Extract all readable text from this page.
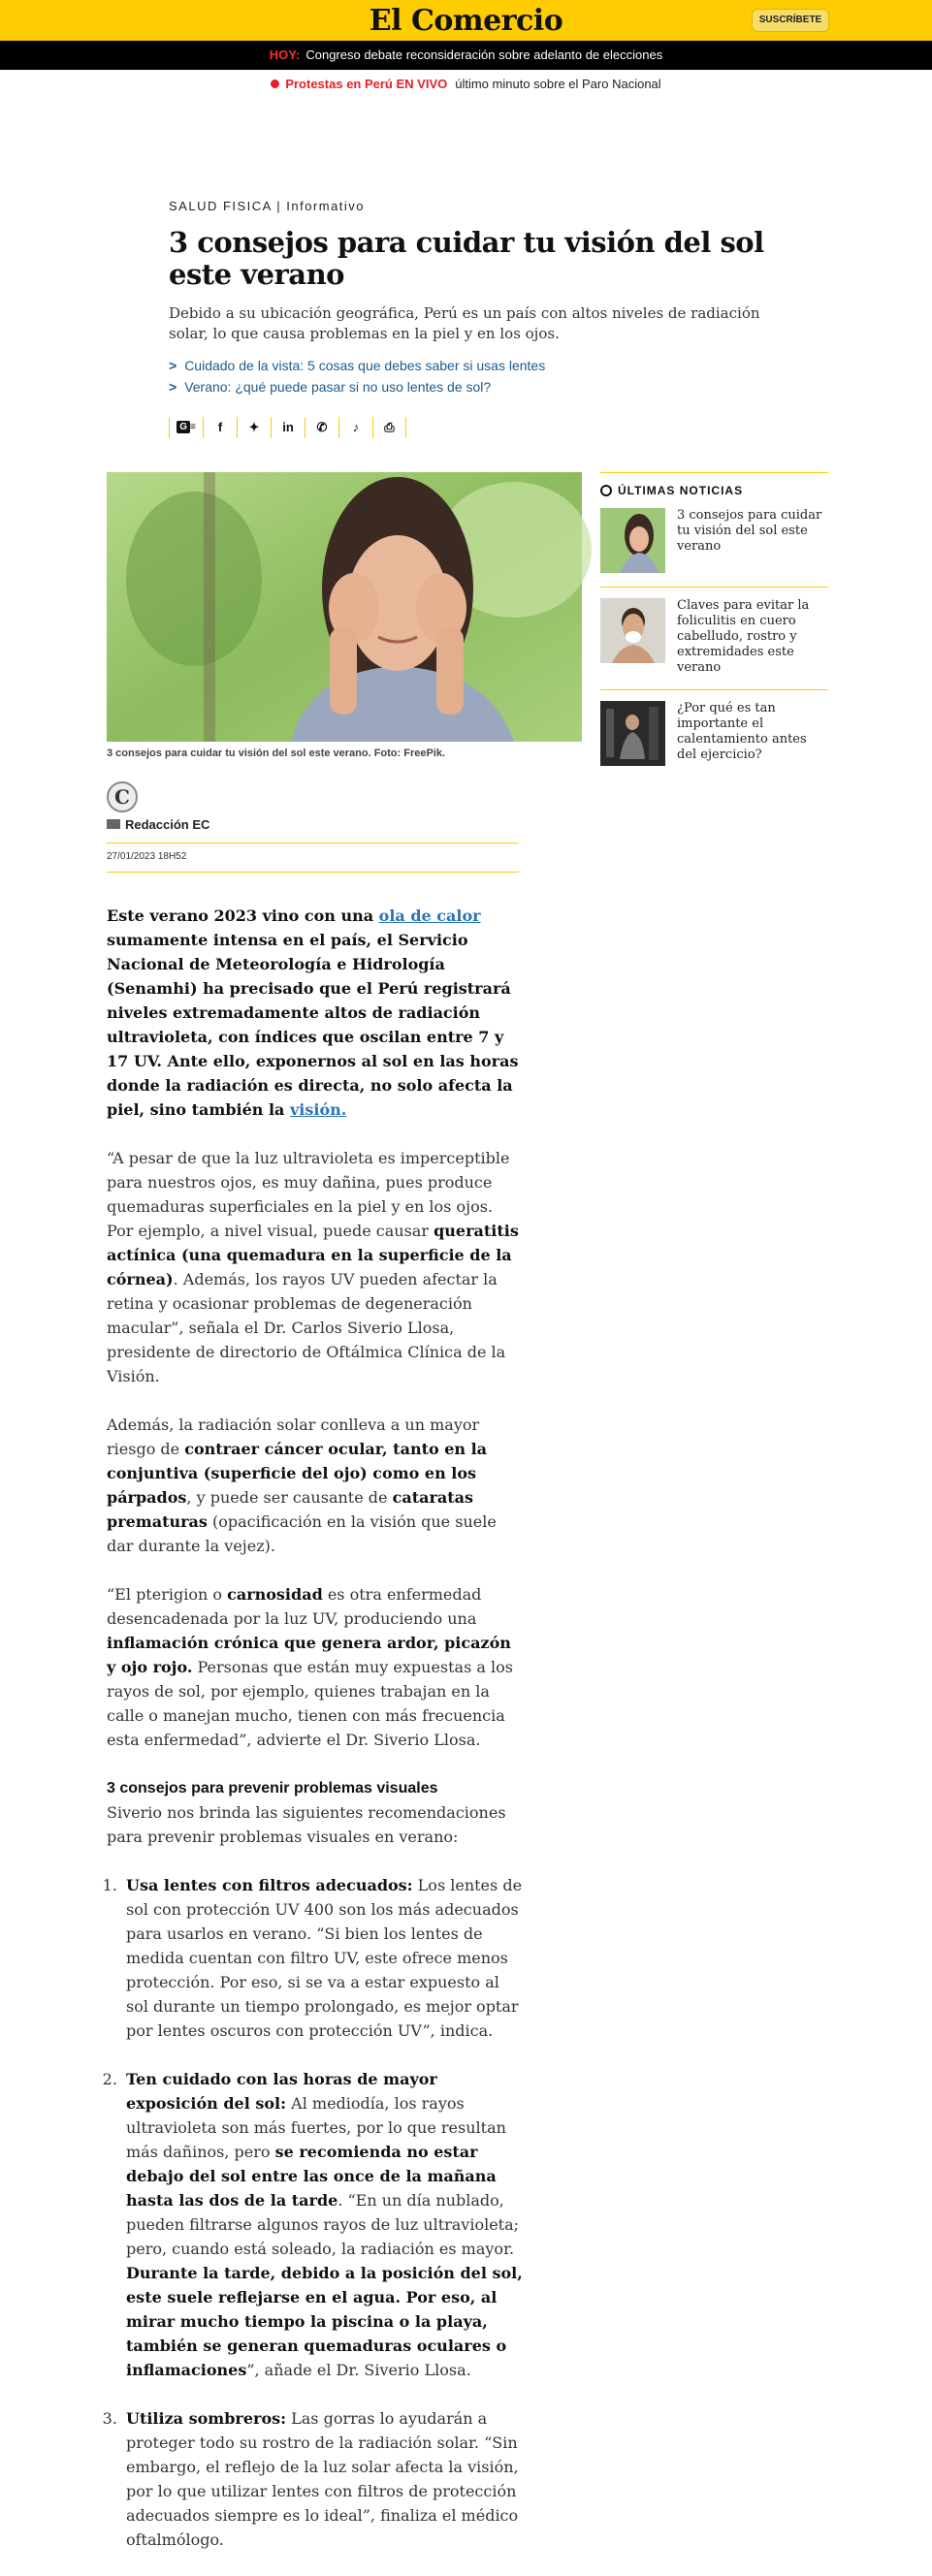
El Comercio	SUSCRÍBETE
HOY: Congreso debate reconsideración sobre adelanto de elecciones
Protestas en Perú EN VIVO último minuto sobre el Paro Nacional
SALUD FISICA | Informativo
3 consejos para cuidar tu visión del sol este verano

Debido a su ubicación geográfica, Perú es un país con altos niveles de radiación solar, lo que causa problemas en la piel y en los ojos.

> Cuidado de la vista: 5 cosas que debes saber si usas lentes
> Verano: ¿qué puede pasar si no uso lentes de sol?
G ≡	f	✦	in	✆	♪	⎙
3 consejos para cuidar tu visión del sol este verano. Foto: FreePik.
C
Redacción EC
27/01/2023 18H52

Este verano 2023 vino con una ola de calor sumamente intensa en el país, el Servicio Nacional de Meteorología e Hidrología (Senamhi) ha precisado que el Perú registrará niveles extremadamente altos de radiación ultravioleta, con índices que oscilan entre 7 y 17 UV. Ante ello, exponernos al sol en las horas donde la radiación es directa, no solo afecta la piel, sino también la visión.

“A pesar de que la luz ultravioleta es imperceptible para nuestros ojos, es muy dañina, pues produce quemaduras superficiales en la piel y en los ojos. Por ejemplo, a nivel visual, puede causar queratitis actínica (una quemadura en la superficie de la córnea). Además, los rayos UV pueden afectar la retina y ocasionar problemas de degeneración macular”, señala el Dr. Carlos Siverio Llosa, presidente de directorio de Oftálmica Clínica de la Visión.

Además, la radiación solar conlleva a un mayor riesgo de contraer cáncer ocular, tanto en la conjuntiva (superficie del ojo) como en los párpados, y puede ser causante de cataratas prematuras (opacificación en la visión que suele dar durante la vejez).

“El pterigion o carnosidad es otra enfermedad desencadenada por la luz UV, produciendo una inflamación crónica que genera ardor, picazón y ojo rojo. Personas que están muy expuestas a los rayos de sol, por ejemplo, quienes trabajan en la calle o manejan mucho, tienen con más frecuencia esta enfermedad”, advierte el Dr. Siverio Llosa.

3 consejos para prevenir problemas visuales
Siverio nos brinda las siguientes recomendaciones para prevenir problemas visuales en verano:

1. Usa lentes con filtros adecuados: Los lentes de sol con protección UV 400 son los más adecuados para usarlos en verano. “Si bien los lentes de medida cuentan con filtro UV, este ofrece menos protección. Por eso, si se va a estar expuesto al sol durante un tiempo prolongado, es mejor optar por lentes oscuros con protección UV”, indica.
2. Ten cuidado con las horas de mayor exposición del sol: Al mediodía, los rayos ultravioleta son más fuertes, por lo que resultan más dañinos, pero se recomienda no estar debajo del sol entre las once de la mañana hasta las dos de la tarde. “En un día nublado, pueden filtrarse algunos rayos de luz ultravioleta; pero, cuando está soleado, la radiación es mayor. Durante la tarde, debido a la posición del sol, este suele reflejarse en el agua. Por eso, al mirar mucho tiempo la piscina o la playa, también se generan quemaduras oculares o inflamaciones”, añade el Dr. Siverio Llosa.
3. Utiliza sombreros: Las gorras lo ayudarán a proteger todo su rostro de la radiación solar. “Sin embargo, el reflejo de la luz solar afecta la visión, por lo que utilizar lentes con filtros de protección adecuados siempre es lo ideal”, finaliza el médico oftalmólogo.
ÚLTIMAS NOTICIAS
3 consejos para cuidar tu visión del sol este verano
Claves para evitar la foliculitis en cuero cabelludo, rostro y extremidades este verano
¿Por qué es tan importante el calentamiento antes del ejercicio?
